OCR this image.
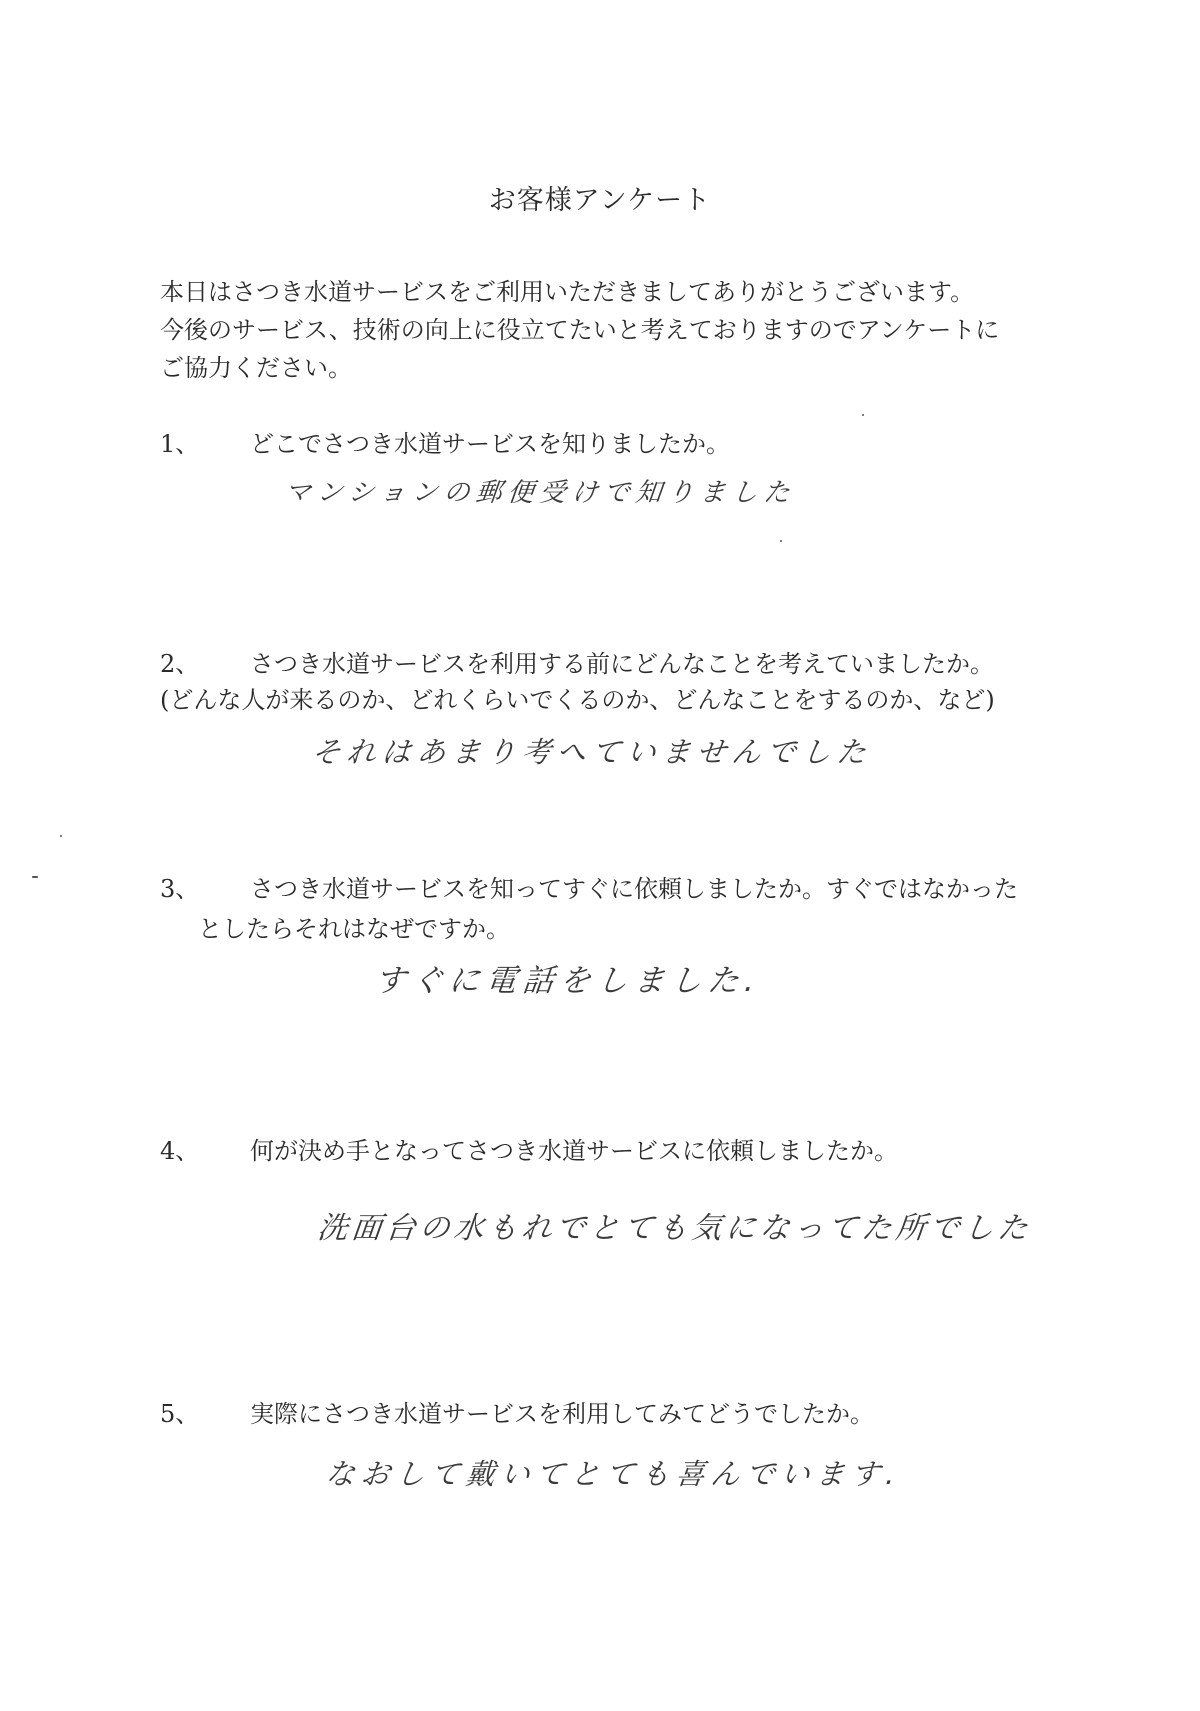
お客様アンケート

本日はさつき水道サービスをご利用いただきましてありがとうございます。

今後のサービス、技術の向上に役立てたいと考えておりますのでアンケートに

ご協力ください。

1、	どこでさつき水道サービスを知りましたか。
マンションの郵便受けで知りました
2、	さつき水道サービスを利用する前にどんなことを考えていましたか。
(どんな人が来るのか、どれくらいでくるのか、どんなことをするのか、など)
それはあまり考へていませんでした
3、	さつき水道サービスを知ってすぐに依頼しましたか。すぐではなかった
としたらそれはなぜですか。
すぐに電話をしました.
4、	何が決め手となってさつき水道サービスに依頼しましたか。
洗面台の水もれでとても気になってた所でした
5、	実際にさつき水道サービスを利用してみてどうでしたか。
なおして戴いてとても喜んでいます.
